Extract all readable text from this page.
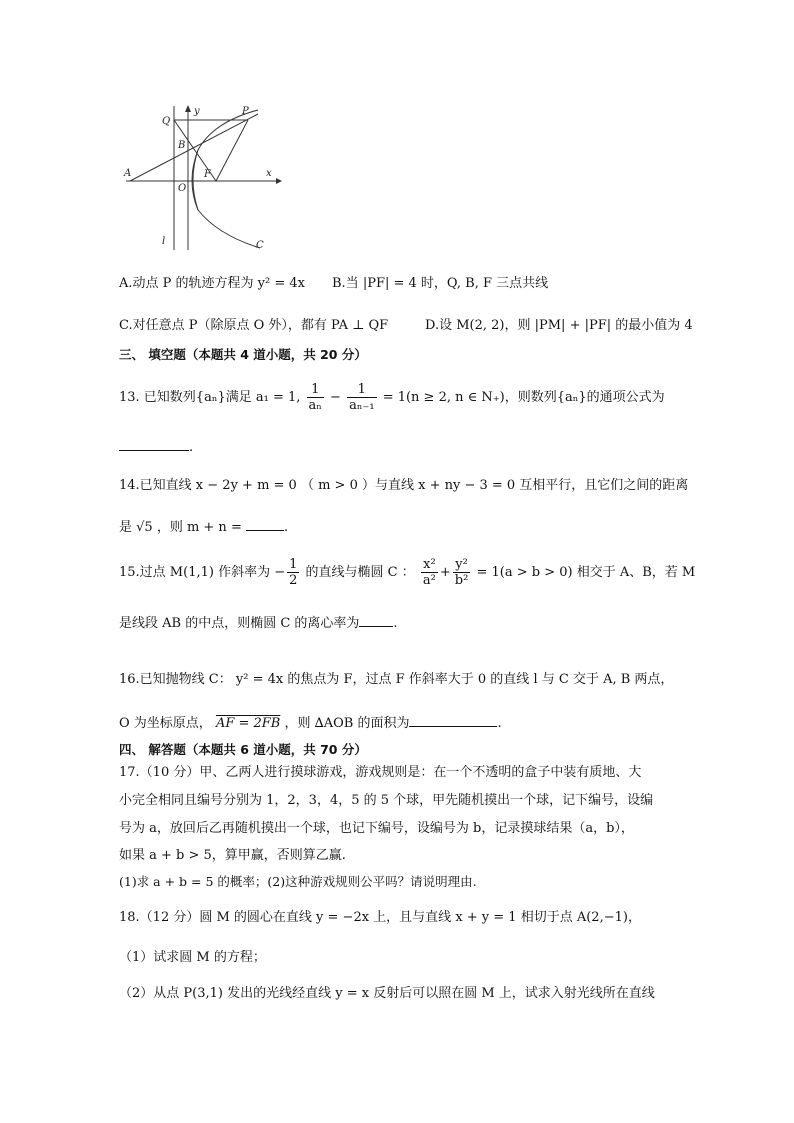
Q
y	P
B
A
O
F	x
l	C
A.动点 P 的轨迹方程为 y² = 4x B.当 |PF| = 4 时，Q, B, F 三点共线
C.对任意点 P（除原点 O 外），都有 PA ⊥ QF	D.设 M(2, 2)，则 |PM| + |PF| 的最小值为 4
三、 填空题（本题共 4 道小题，共 20 分）
13. 已知数列{aₙ}满足 a₁ = 1, $\frac{1}{\text{aₙ}} - \frac{1}{\text{aₙ₋₁}} = 1(n \ge 2$, n ∈ N₊)，则数列{aₙ}的通项公式为
.
14.已知直线 x − 2y + m = 0 （ m > 0 ）与直线 x + ny − 3 = 0 互相平行，且它们之间的距离
是 √5 ，则 m + n =	.
15.过点 M(1,1) 作斜率为 − $\frac{1}{2}$ 的直线与椭圆 C ： $\frac{\text{x²}}{\text{a²}} + \frac{\text{y²}}{\text{b²}} = 1(a > b > 0)$ 相交于 A、B，若 M
是线段 AB 的中点，则椭圆 C 的离心率为	.
16.已知抛物线 C： y² = 4x 的焦点为 F，过点 F 作斜率大于 0 的直线 l 与 C 交于 A, B 两点，
O 为坐标原点， AF = 2FB ，则 ∆AOB 的面积为	.
四、 解答题（本题共 6 道小题，共 70 分）
17.（10 分）甲、乙两人进行摸球游戏，游戏规则是：在一个不透明的盒子中装有质地、大
小完全相同且编号分别为 1，2，3，4，5 的 5 个球，甲先随机摸出一个球，记下编号，设编
号为 a，放回后乙再随机摸出一个球，也记下编号，设编号为 b，记录摸球结果（a，b），
如果 a + b > 5，算甲赢，否则算乙赢.
(1)求 a + b = 5 的概率；(2)这种游戏规则公平吗？请说明理由.
18.（12 分）圆 M 的圆心在直线 y = −2x 上，且与直线 x + y = 1 相切于点 A(2,−1)，
（1）试求圆 M 的方程；
（2）从点 P(3,1) 发出的光线经直线 y = x 反射后可以照在圆 M 上，试求入射光线所在直线
